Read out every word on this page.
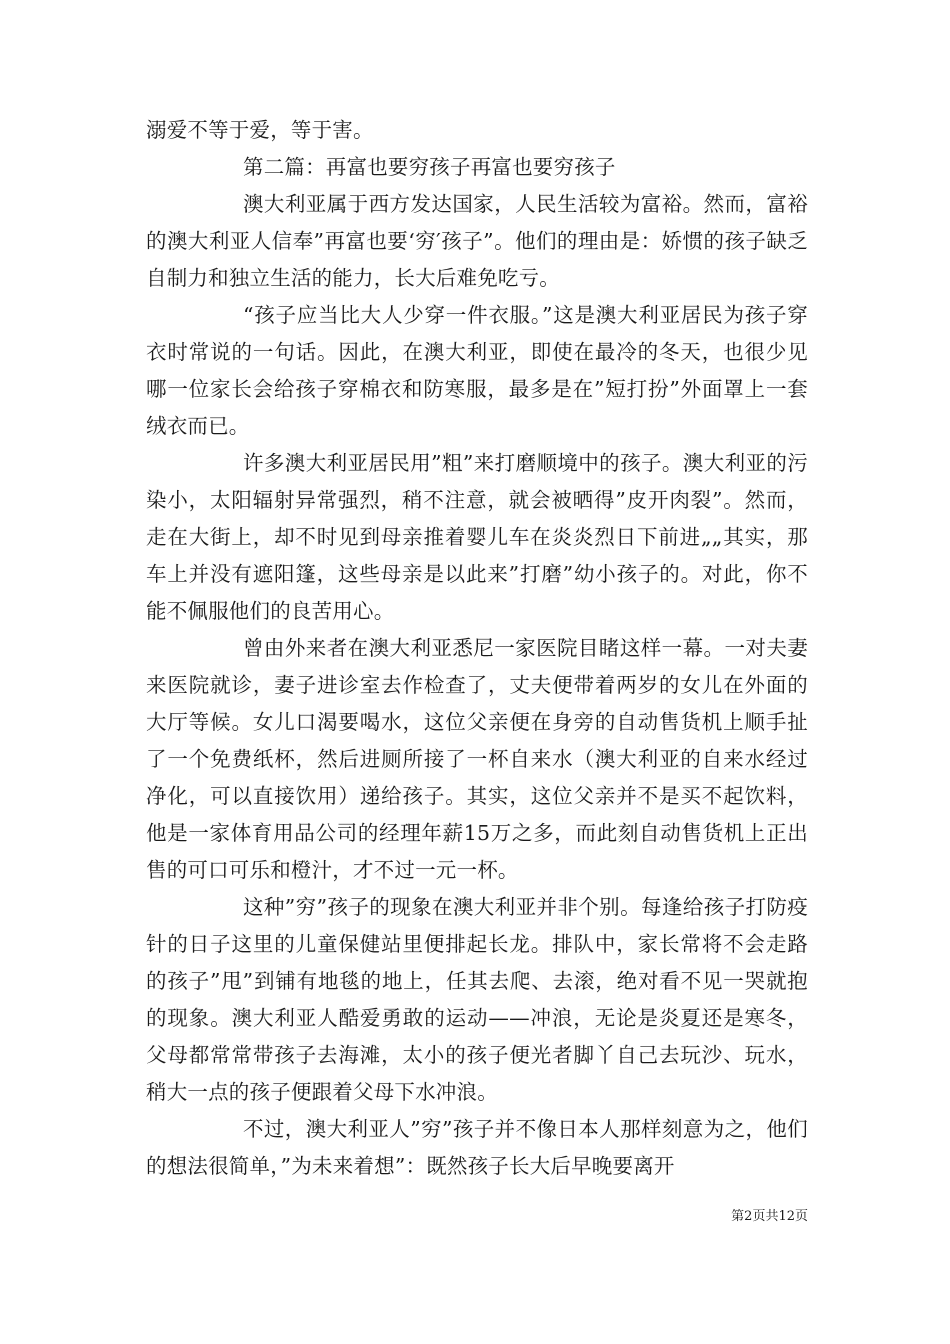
溺爱不等于爱，等于害。

第二篇：再富也要穷孩子再富也要穷孩子

澳大利亚属于西方发达国家，人民生活较为富裕。然而，富裕的澳大利亚人信奉”再富也要‘穷′孩子”。他们的理由是：娇惯的孩子缺乏自制力和独立生活的能力，长大后难免吃亏。

“孩子应当比大人少穿一件衣服。”这是澳大利亚居民为孩子穿衣时常说的一句话。因此，在澳大利亚，即使在最冷的冬天，也很少见哪一位家长会给孩子穿棉衣和防寒服，最多是在”短打扮”外面罩上一套绒衣而已。

许多澳大利亚居民用”粗”来打磨顺境中的孩子。澳大利亚的污染小，太阳辐射异常强烈，稍不注意，就会被晒得”皮开肉裂”。然而，走在大街上，却不时见到母亲推着婴儿车在炎炎烈日下前进„„其实，那车上并没有遮阳篷，这些母亲是以此来”打磨”幼小孩子的。对此，你不能不佩服他们的良苦用心。

曾由外来者在澳大利亚悉尼一家医院目睹这样一幕。一对夫妻来医院就诊，妻子进诊室去作检查了，丈夫便带着两岁的女儿在外面的大厅等候。女儿口渴要喝水，这位父亲便在身旁的自动售货机上顺手扯了一个免费纸杯，然后进厕所接了一杯自来水（澳大利亚的自来水经过净化，可以直接饮用）递给孩子。其实，这位父亲并不是买不起饮料，他是一家体育用品公司的经理年薪15万之多，而此刻自动售货机上正出售的可口可乐和橙汁，才不过一元一杯。

这种”穷”孩子的现象在澳大利亚并非个别。每逢给孩子打防疫针的日子这里的儿童保健站里便排起长龙。排队中，家长常将不会走路的孩子”甩”到铺有地毯的地上，任其去爬、去滚，绝对看不见一哭就抱的现象。澳大利亚人酷爱勇敢的运动——冲浪，无论是炎夏还是寒冬，父母都常常带孩子去海滩，太小的孩子便光者脚丫自己去玩沙、玩水，稍大一点的孩子便跟着父母下水冲浪。

不过，澳大利亚人”穷”孩子并不像日本人那样刻意为之，他们的想法很简单，”为未来着想”：既然孩子长大后早晚要离开

第2页共12页
